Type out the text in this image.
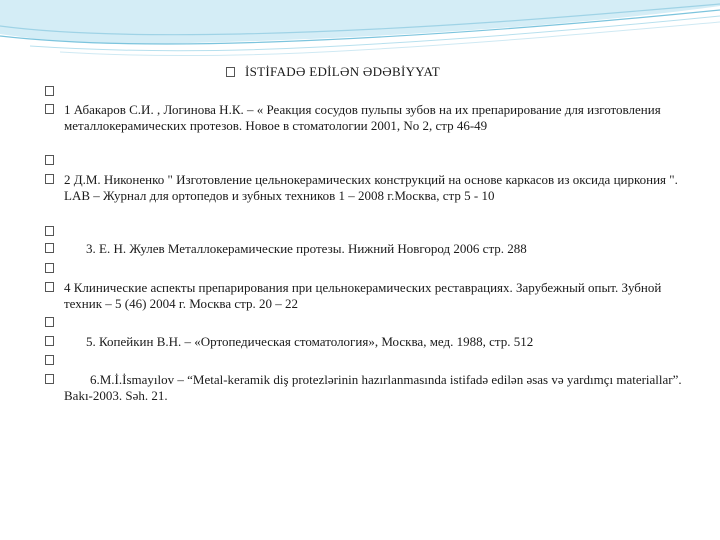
İSTİFADƏ EDİLƏN ƏDƏBİYYAT
1 Абакаров С.И. , Логинова Н.К. – « Реакция сосудов пульпы зубов на их препарирование для изготовления металлокерамических протезов. Новое в стоматологии 2001, No 2, стр 46-49
2 Д.М. Никоненко " Изготовление цельнокерамических конструкций на основе каркасов из оксида циркония ". LAB – Журнал для ортопедов и зубных техников 1 – 2008 г.Москва, стр 5 - 10
3. Е. Н. Жулев Металлокерамические протезы. Нижний Новгород 2006 стр. 288
4 Клинические аспекты препарирования при цельнокерамических реставрациях. Зарубежный опыт. Зубной техник – 5 (46) 2004 г. Москва стр. 20 – 22
5. Копейкин В.Н. – «Ортопедическая стоматология», Москва, мед. 1988, стр. 512
6.M.İ.İsmayılov – “Metal-keramik diş protezlərinin hazırlanmasında istifadə edilən əsas və yardımçı materiallar”. Bakı-2003. Səh. 21.
